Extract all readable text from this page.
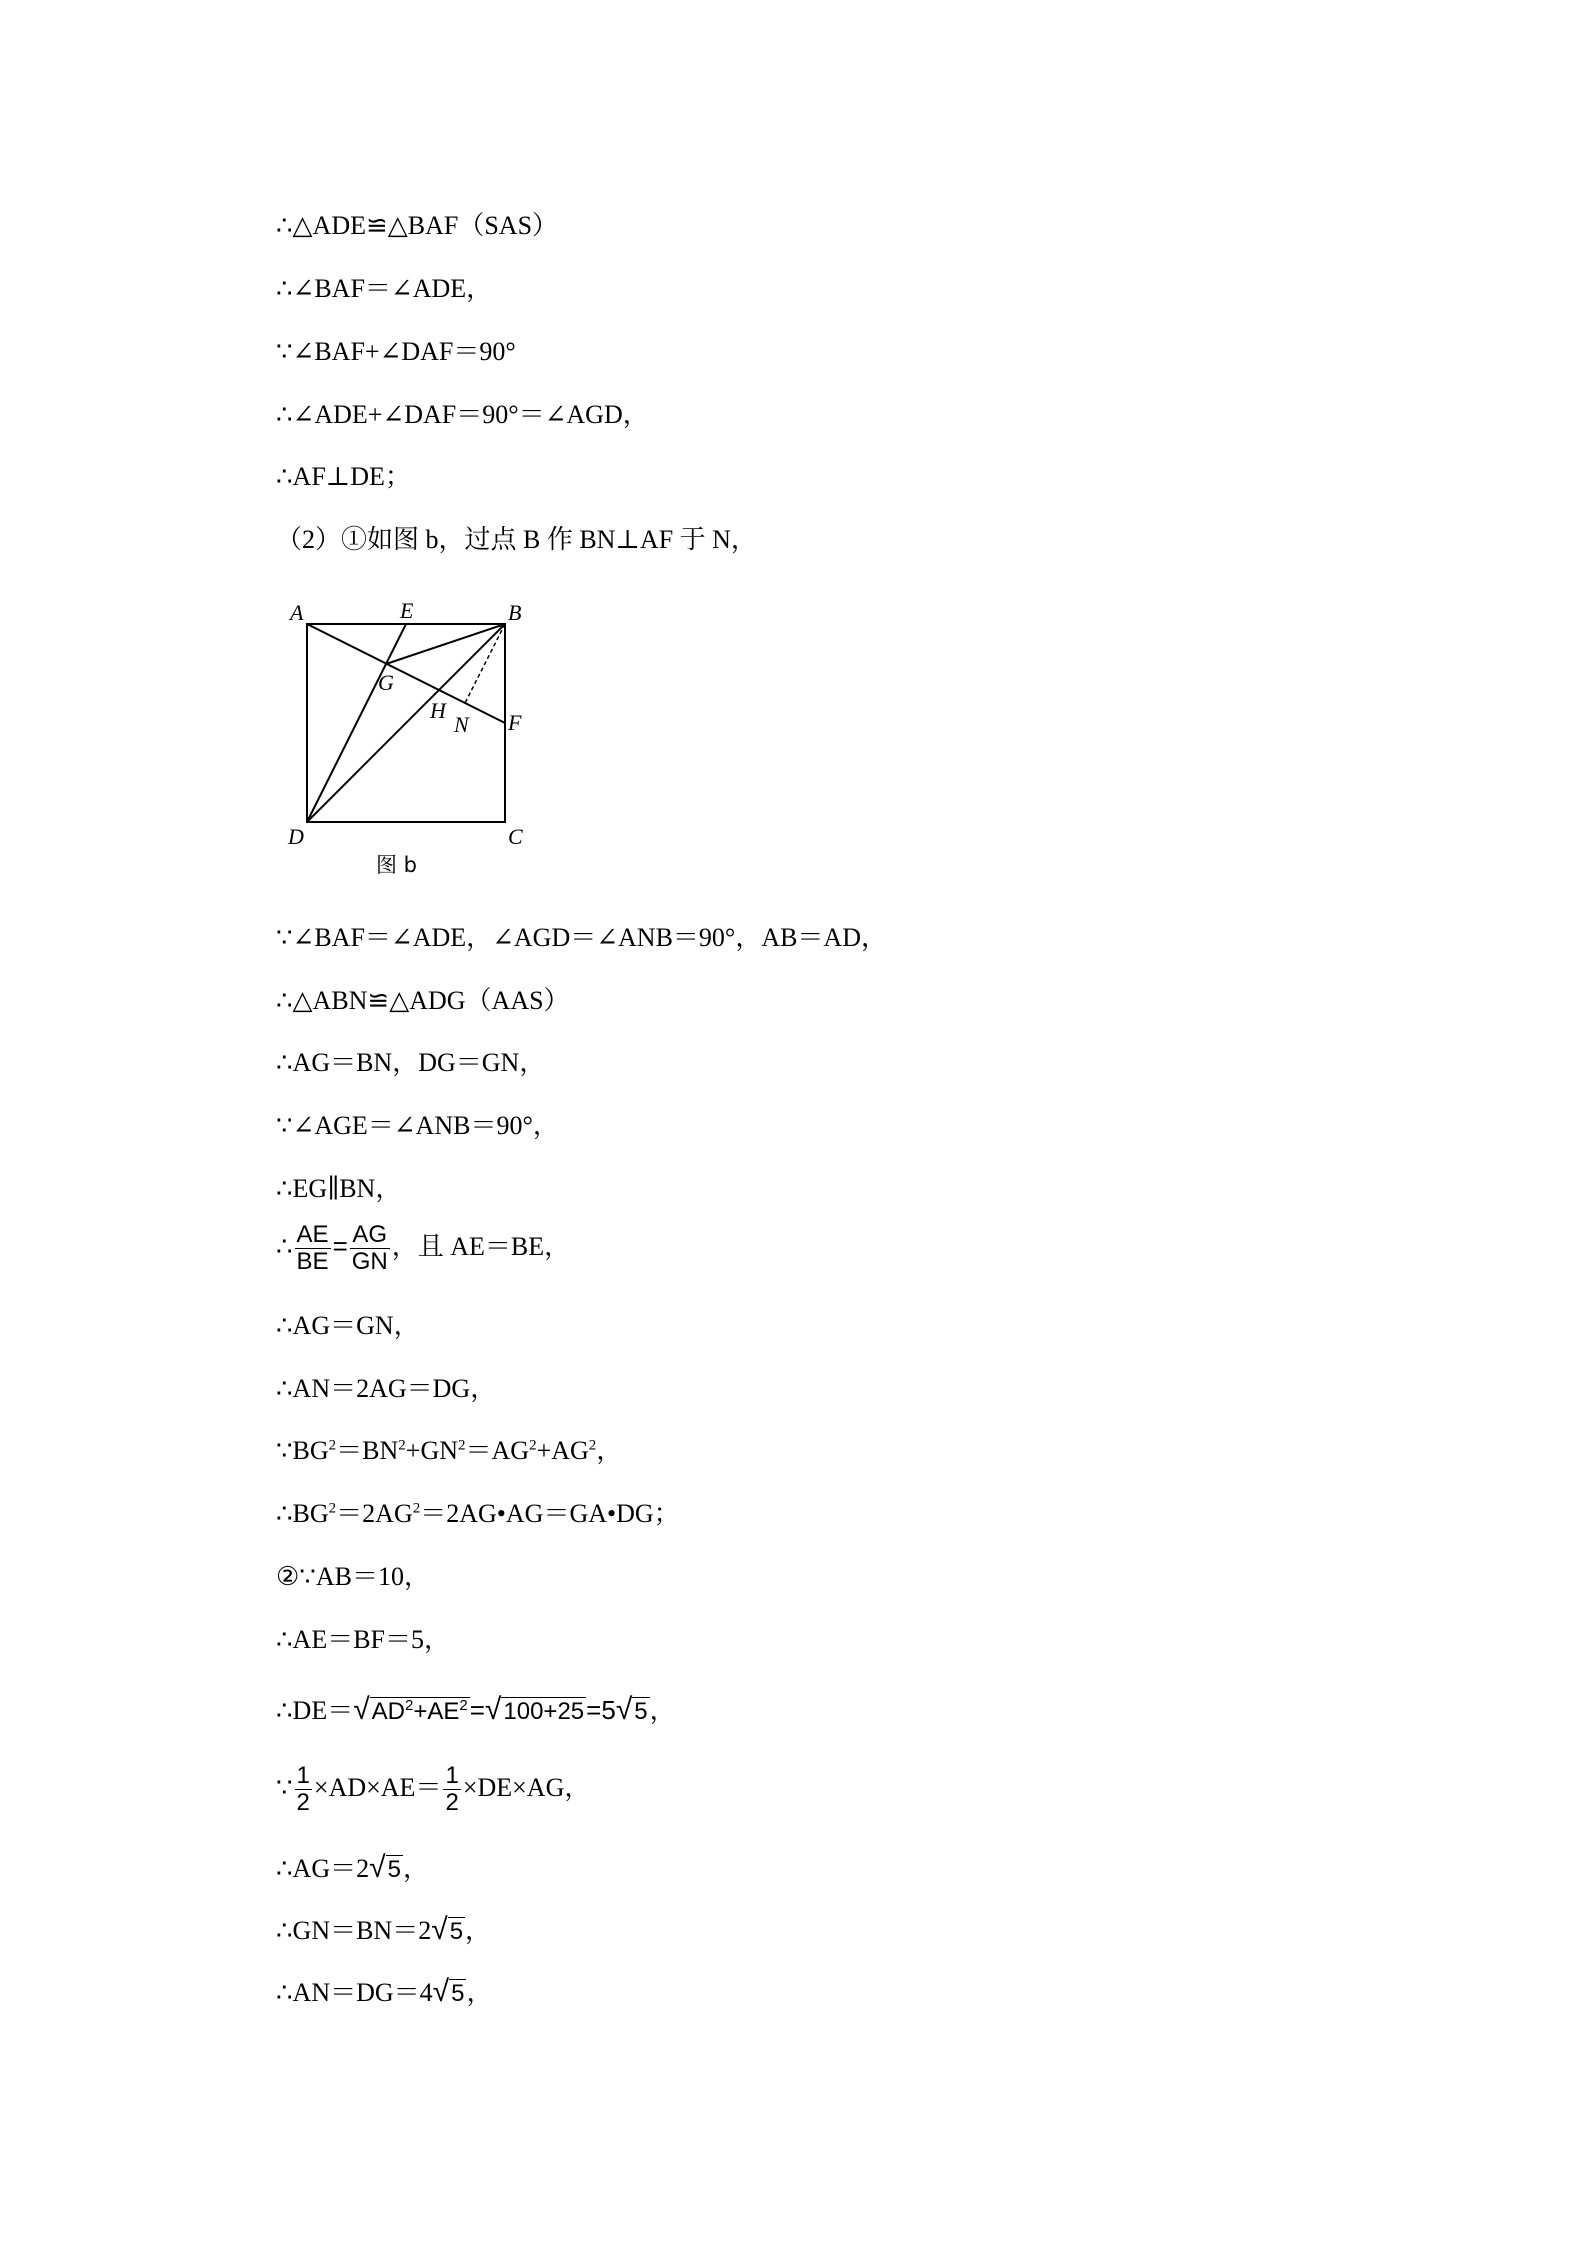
∴△ADE≌△BAF（SAS）
∴∠BAF＝∠ADE，
∵∠BAF+∠DAF＝90°
∴∠ADE+∠DAF＝90°＝∠AGD，
∴AF⊥DE；
（2）①如图 b，过点 B 作 BN⊥AF 于 N，
A	E	B
G
H
N F
D	C
图 b
∵∠BAF＝∠ADE，∠AGD＝∠ANB＝90°，AB＝AD，
∴△ABN≌△ADG（AAS）
∴AG＝BN，DG＝GN，
∵∠AGE＝∠ANB＝90°，
∴EG∥BN，
∴ $\frac{AE}{BE} = \frac{AG}{GN}$ ，且 AE＝BE，
∴AG＝GN，
∴AN＝2AG＝DG，
$\because BG^2=BN^2+GN^2=AG^2+AG^2$，
$\therefore BG^2=2AG^2=2AG•AG=GA•DG$；
②∵AB＝10，
∴AE＝BF＝5，
$\therefore DE=√AD^2+AE^2=√100+25=5√5$，
∵ $\frac{1}{2} \times AD\times AE= \frac{1}{2} \times DE\times AG$，
∴AG＝2√5，
∴GN＝BN＝2√5，
∴AN＝DG＝4√5，
